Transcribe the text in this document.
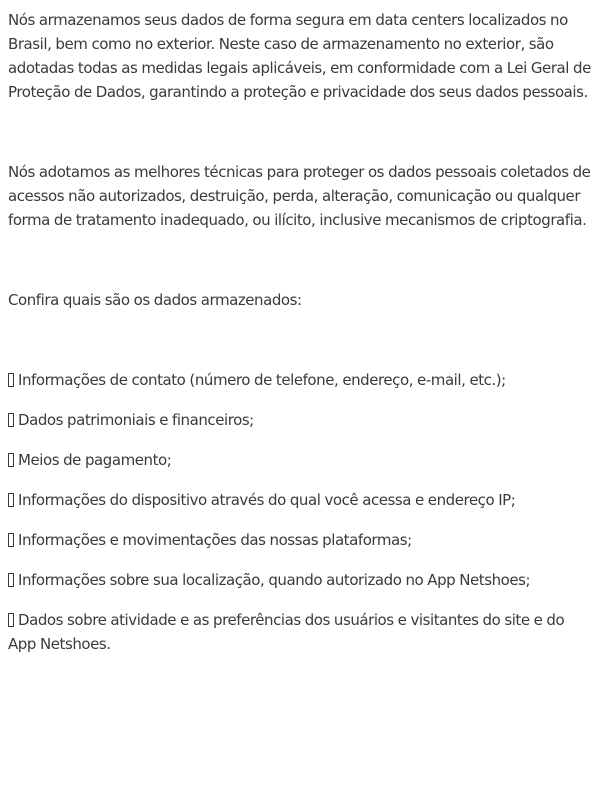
Nós armazenamos seus dados de forma segura em data centers localizados no Brasil, bem como no exterior. Neste caso de armazenamento no exterior, são adotadas todas as medidas legais aplicáveis, em conformidade com a Lei Geral de Proteção de Dados, garantindo a proteção e privacidade dos seus dados pessoais.

Nós adotamos as melhores técnicas para proteger os dados pessoais coletados de acessos não autorizados, destruição, perda, alteração, comunicação ou qualquer forma de tratamento inadequado, ou ilícito, inclusive mecanismos de criptografia.

Confira quais são os dados armazenados:

Informações de contato (número de telefone, endereço, e-mail, etc.);
Dados patrimoniais e financeiros;
Meios de pagamento;
Informações do dispositivo através do qual você acessa e endereço IP;
Informações e movimentações das nossas plataformas;
Informações sobre sua localização, quando autorizado no App Netshoes;
Dados sobre atividade e as preferências dos usuários e visitantes do site e do App Netshoes.
